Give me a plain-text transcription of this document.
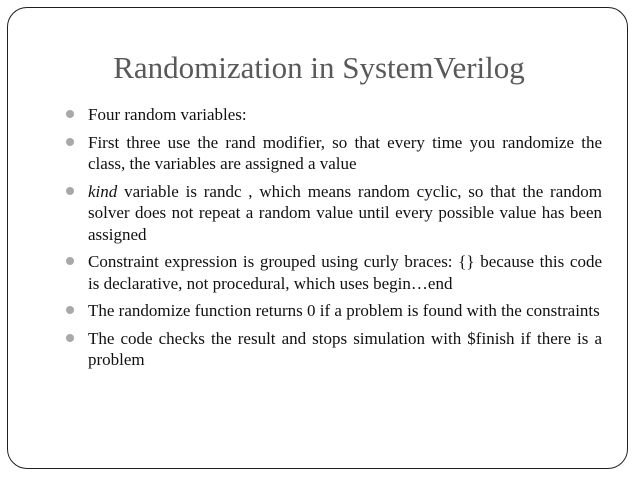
Randomization in SystemVerilog
Four random variables:
First three use the rand modifier, so that every time you randomize the class, the variables are assigned a value
kind variable is randc , which means random cyclic, so that the random solver does not repeat a random value until every possible value has been assigned
Constraint expression is grouped using curly braces: {} because this code is declarative, not procedural, which uses begin…end
The randomize function returns 0 if a problem is found with the constraints
The code checks the result and stops simulation with $finish if there is a problem
